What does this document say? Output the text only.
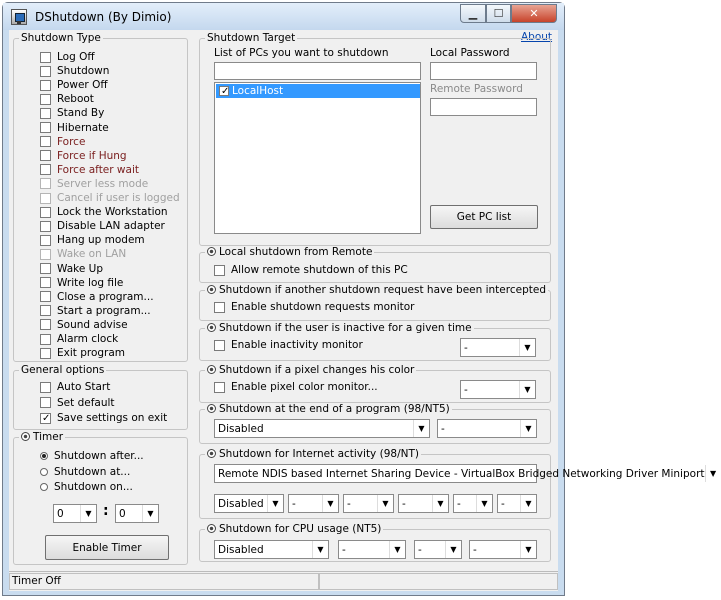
DShutdown (By Dimio)	▁ ☐ ✕
Shutdown Type
General options
Timer
0	▼ : 0	▼
Enable Timer
About
Shutdown Target
List of PCs you want to shutdown
✓
LocalHost
Local Password
Remote Password
Get PC list
Local shutdown from Remote
Allow remote shutdown of this PC
Shutdown if another shutdown request have been intercepted
Enable shutdown requests monitor
Shutdown if the user is inactive for a given time
Enable inactivity monitor	-	▼
Shutdown if a pixel changes his color
Enable pixel color monitor...	-	▼
Shutdown at the end of a program (98/NT5)
Disabled	▼	-	▼
Shutdown for Internet activity (98/NT)
Remote NDIS based Internet Sharing Device - VirtualBox Bridged Networking Driver Miniport ▼
Shutdown for CPU usage (NT5)
Timer Off
Log Off
Shutdown
Power Off
Reboot
Stand By
Hibernate
Force
Force if Hung
Force after wait
Server less mode
Cancel if user is logged
Lock the Workstation
Disable LAN adapter
Hang up modem
Wake on LAN
Wake Up
Write log file
Close a program...
Start a program...
Sound advise
Alarm clock
Exit program
Auto Start
Set default
✓
Save settings on exit
Shutdown after...
Shutdown at...
Shutdown on...
Disabled	▼	-	▼	-	▼	-	▼	-	▼	-	▼
Disabled	▼	-	▼	-	▼	-	▼
